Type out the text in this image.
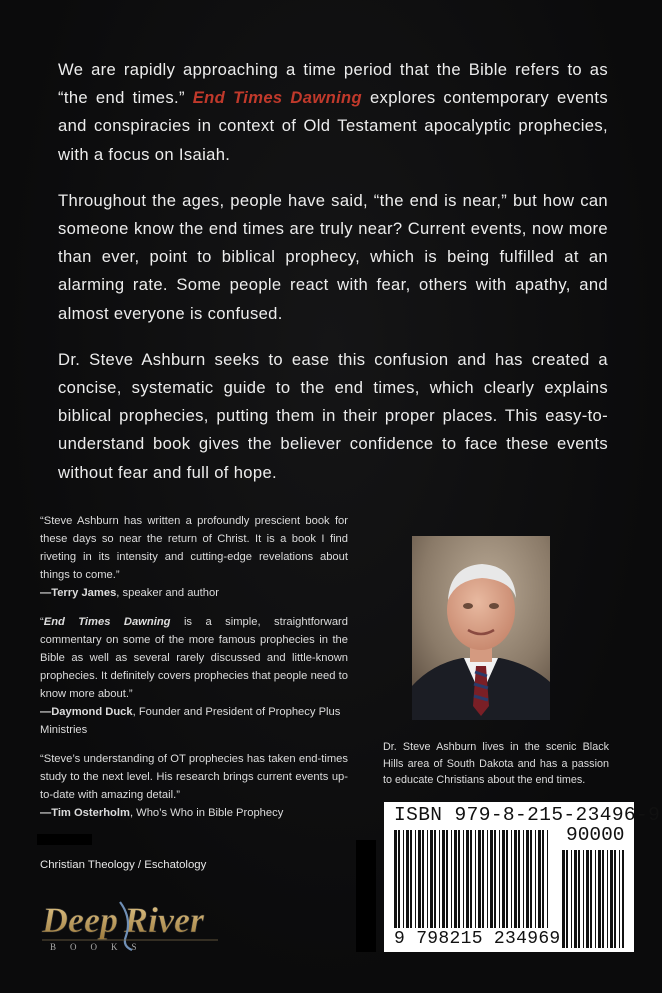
We are rapidly approaching a time period that the Bible refers to as “the end times.” End Times Dawning explores contemporary events and conspiracies in context of Old Testament apocalyptic prophecies, with a focus on Isaiah.

Throughout the ages, people have said, “the end is near,” but how can someone know the end times are truly near? Current events, now more than ever, point to biblical prophecy, which is being fulfilled at an alarming rate. Some people react with fear, others with apathy, and almost everyone is confused.

Dr. Steve Ashburn seeks to ease this confusion and has created a concise, systematic guide to the end times, which clearly explains biblical prophecies, putting them in their proper places. This easy-to-understand book gives the believer confidence to face these events without fear and full of hope.

“Steve Ashburn has written a profoundly prescient book for these days so near the return of Christ. It is a book I find riveting in its intensity and cutting-edge revelations about things to come.”
—Terry James, speaker and author
“End Times Dawning is a simple, straightforward commentary on some of the more famous prophecies in the Bible as well as several rarely discussed and little-known prophecies. It definitely covers prophecies that people need to know more about.”
—Daymond Duck, Founder and President of Prophecy Plus Ministries
“Steve’s understanding of OT prophecies has taken end-times study to the next level. His research brings current events up-to-date with amazing detail.”
—Tim Osterholm, Who’s Who in Bible Prophecy
Dr. Steve Ashburn lives in the scenic Black Hills area of South Dakota and has a passion to educate Christians about the end times.
Christian Theology / Eschatology
Deep River
BOOKS
ISBN 979-8-215-23496-9
90000
9 798215 234969
